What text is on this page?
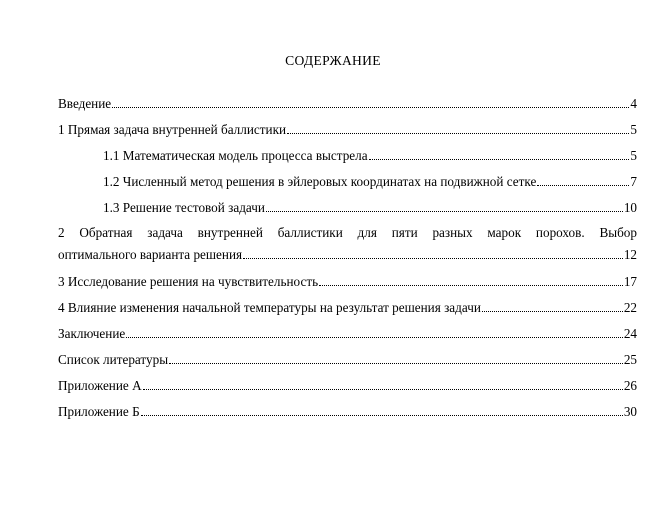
СОДЕРЖАНИЕ
Введение	4
1 Прямая задача внутренней баллистики	5
1.1 Математическая модель процесса выстрела	5
1.2 Численный метод решения в эйлеровых координатах на подвижной сетке	7
1.3 Решение тестовой задачи	10
2 Обратная задача внутренней баллистики для пяти разных марок порохов. Выбор
оптимального варианта решения	12
3 Исследование решения на чувствительность	17
4 Влияние изменения начальной температуры на результат решения задачи	22
Заключение	24
Список литературы	25
Приложение А	26
Приложение Б	30
